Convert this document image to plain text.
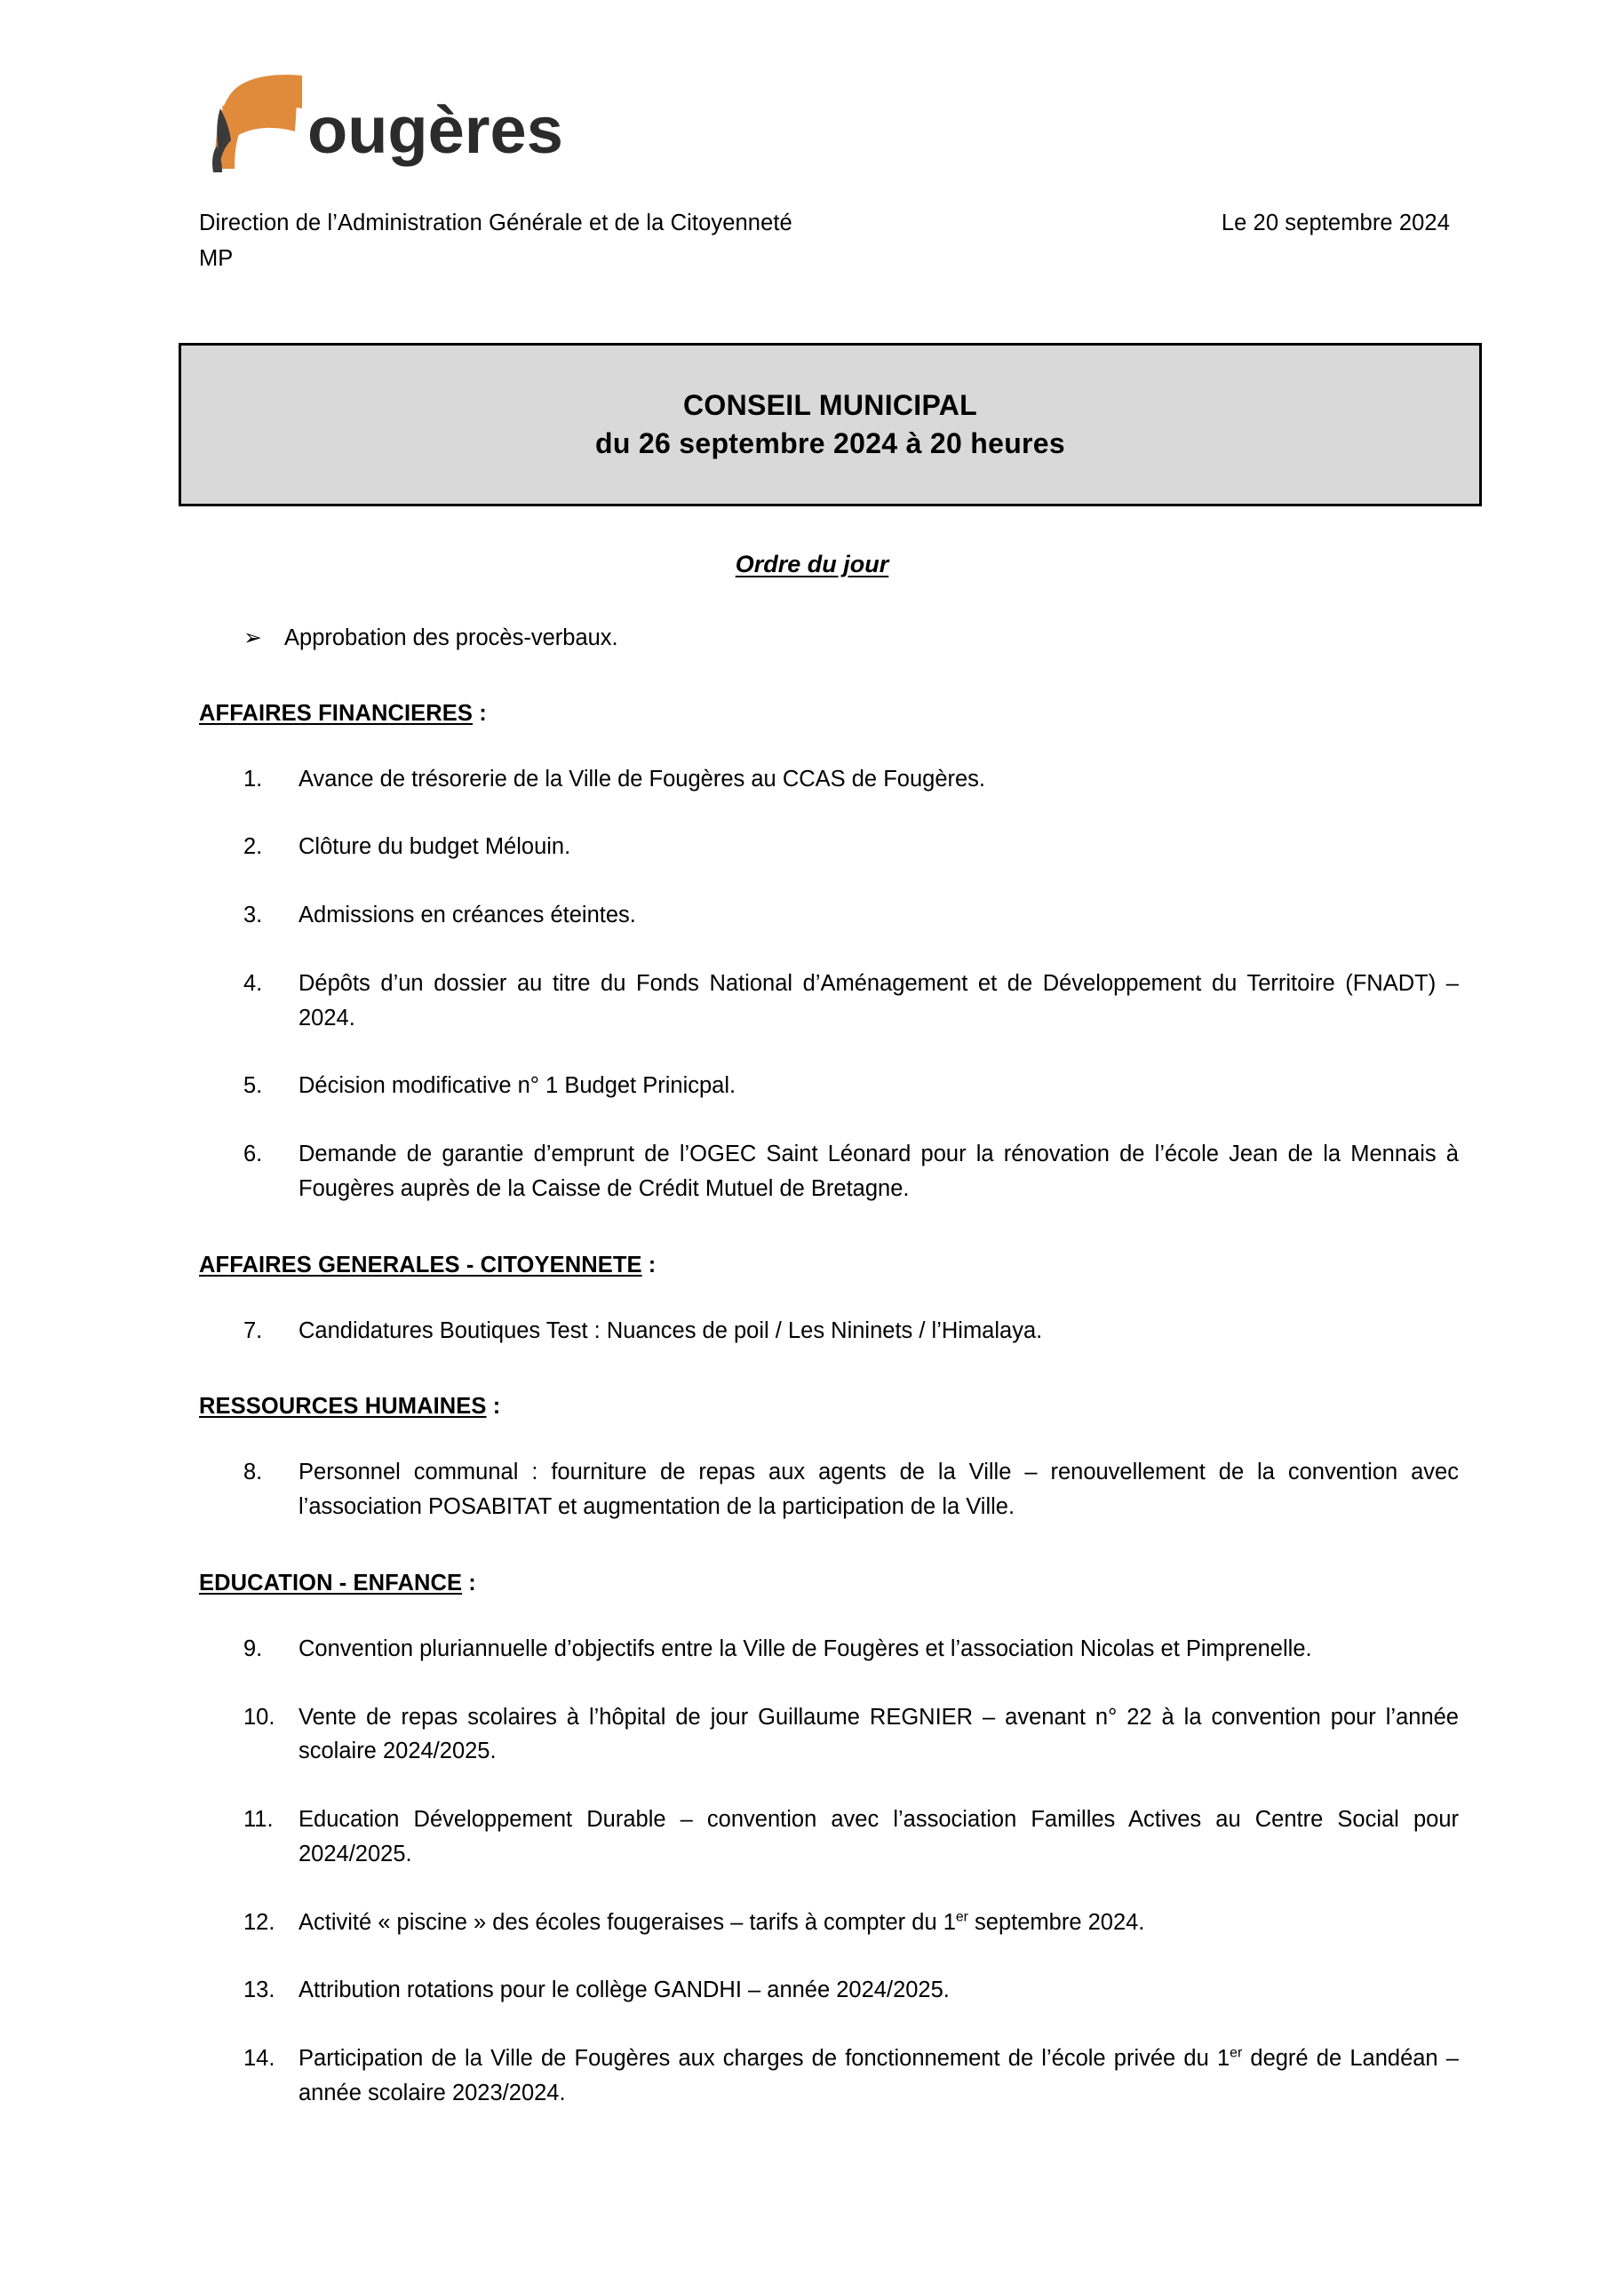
ougères
Direction de l’Administration Générale et de la Citoyenneté	Le 20 septembre 2024
MP
CONSEIL MUNICIPAL
du 26 septembre 2024 à 20 heures
Ordre du jour
➢ Approbation des procès-verbaux.
AFFAIRES FINANCIERES :
1.	Avance de trésorerie de la Ville de Fougères au CCAS de Fougères.
2.	Clôture du budget Mélouin.
3.	Admissions en créances éteintes.
4.	Dépôts d’un dossier au titre du Fonds National d’Aménagement et de Développement du Territoire (FNADT) – 2024.
5.	Décision modificative n° 1 Budget Prinicpal.
6.	Demande de garantie d’emprunt de l’OGEC Saint Léonard pour la rénovation de l’école Jean de la Mennais à Fougères auprès de la Caisse de Crédit Mutuel de Bretagne.
AFFAIRES GENERALES - CITOYENNETE :
7.	Candidatures Boutiques Test : Nuances de poil / Les Nininets / l’Himalaya.
RESSOURCES HUMAINES :
8.	Personnel communal : fourniture de repas aux agents de la Ville – renouvellement de la convention avec l’association POSABITAT et augmentation de la participation de la Ville.
EDUCATION - ENFANCE :
9.	Convention pluriannuelle d’objectifs entre la Ville de Fougères et l’association Nicolas et Pimprenelle.
10.	Vente de repas scolaires à l’hôpital de jour Guillaume REGNIER – avenant n° 22 à la convention pour l’année scolaire 2024/2025.
11.	Education Développement Durable – convention avec l’association Familles Actives au Centre Social pour 2024/2025.
12.	Activité « piscine » des écoles fougeraises – tarifs à compter du 1er septembre 2024.
13.	Attribution rotations pour le collège GANDHI – année 2024/2025.
14.	Participation de la Ville de Fougères aux charges de fonctionnement de l’école privée du 1er degré de Landéan – année scolaire 2023/2024.
